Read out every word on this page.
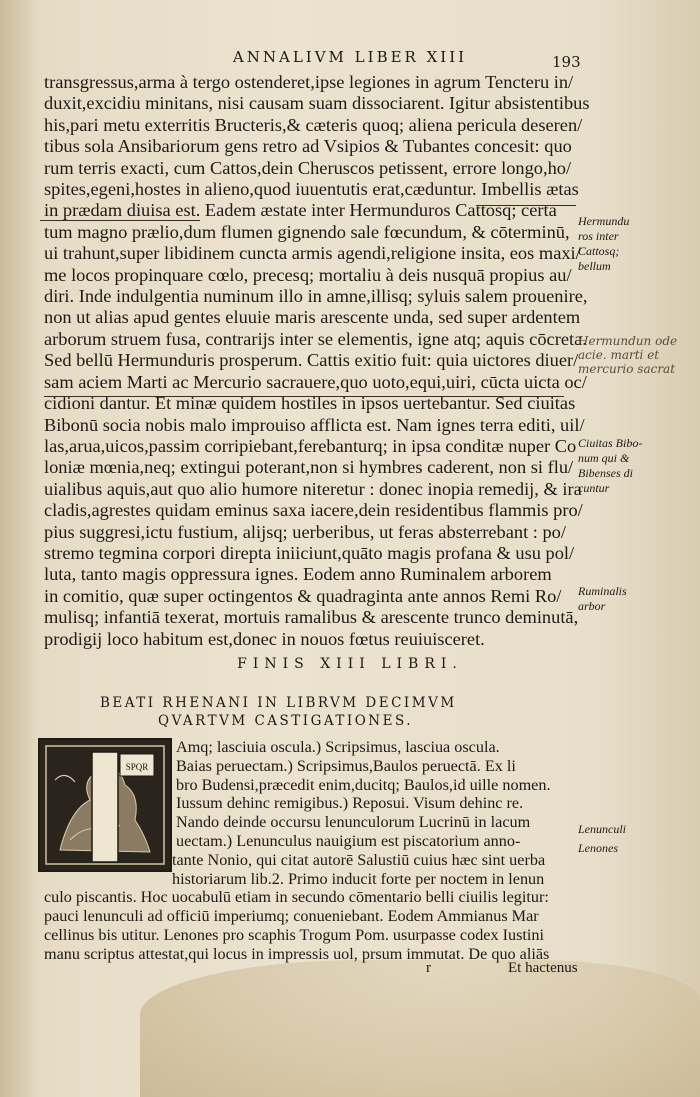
ANNALIVM LIBER XIII	193
transgressus,arma à tergo ostenderet,ipse legiones in agrum Tencteru in/
duxit,excidiu minitans, nisi causam suam dissociarent. Igitur absistentibus
his,pari metu exterritis Bructeris,& cæteris quoq; aliena pericula deseren/
tibus sola Ansibariorum gens retro ad Vsipios & Tubantes concesit: quo
rum terris exacti, cum Cattos,dein Cheruscos petissent, errore longo,ho/
spites,egeni,hostes in alieno,quod iuuentutis erat,cæduntur. Imbellis ætas
in prædam diuisa est. Eadem æstate inter Hermunduros Cattosq; certa
tum magno prælio,dum flumen gignendo sale fœcundum, & cōterminū,
ui trahunt,super libidinem cuncta armis agendi,religione insita, eos maxi/
me locos propinquare cœlo, precesq; mortaliu à deis nusquā propius au/
diri. Inde indulgentia numinum illo in amne,illisq; syluis salem prouenire,
non ut alias apud gentes eluuie maris arescente unda, sed super ardentem
arborum struem fusa, contrarijs inter se elementis, igne atq; aquis cōcreta.
Sed bellū Hermunduris prosperum. Cattis exitio fuit: quia uictores diuer/
sam aciem Marti ac Mercurio sacrauere,quo uoto,equi,uiri, cūcta uicta oc/
cidioni dantur. Et minæ quidem hostiles in ipsos uertebantur. Sed ciuitas
Bibonū socia nobis malo improuiso afflicta est. Nam ignes terra editi, uil/
las,arua,uicos,passim corripiebant,ferebanturq; in ipsa conditæ nuper Co
loniæ mœnia,neq; extingui poterant,non si hymbres caderent, non si flu/
uialibus aquis,aut quo alio humore niteretur : donec inopia remedij, & ira
cladis,agrestes quidam eminus saxa iacere,dein residentibus flammis pro/
pius suggresi,ictu fustium, alijsq; uerberibus, ut feras absterrebant : po/
stremo tegmina corpori direpta iniiciunt,quāto magis profana & usu pol/
luta, tanto magis oppressura ignes. Eodem anno Ruminalem arborem
in comitio, quæ super octingentos & quadraginta ante annos Remi Ro/
mulisq; infantiā texerat, mortuis ramalibus & arescente trunco deminutā,
prodigij loco habitum est,donec in nouos fœtus reuiuisceret.
Hermundu
ros inter
Cattosq;
bellum
Hermundun ode
acie. marti et
mercurio sacrat
Ciuitas Bibo-
num qui &
Bibenses di
cuntur
Ruminalis
arbor
FINIS XIII LIBRI.
BEATI RHENANI IN LIBRVM DECIMVM
QVARTVM CASTIGATIONES.
SPQR
Amq; lasciuia oscula.) Scripsimus, lasciua oscula.
Baias peruectam.) Scripsimus,Baulos peruectā. Ex li
bro Budensi,præcedit enim,ducitq; Baulos,id uille nomen.
Iussum dehinc remigibus.) Reposui. Visum dehinc re.
Nando deinde occursu lenunculorum Lucrinū in lacum
uectam.) Lenunculus nauigium est piscatorium anno-
tante Nonio, qui citat autorē Salustiū cuius hæc sint uerba
historiarum lib.2. Primo inducit forte per noctem in lenun
culo piscantis. Hoc uocabulū etiam in secundo cōmentario belli ciuilis legitur:
pauci lenunculi ad officiū imperiumq; conueniebant. Eodem Ammianus Mar
cellinus bis utitur. Lenones pro scaphis Trogum Pom. usurpasse codex Iustini
manu scriptus attestat,qui locus in impressis uol, prsum immutat. De quo aliās
Lenunculi
Lenones
r	Et hactenus
